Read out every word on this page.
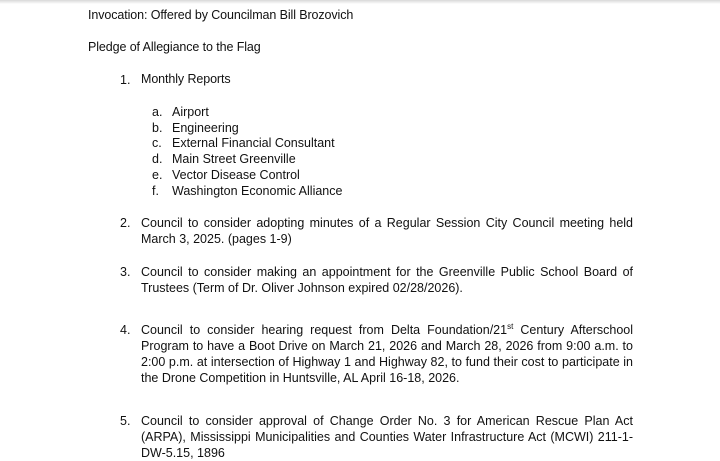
Invocation: Offered by Councilman Bill Brozovich
Pledge of Allegiance to the Flag
1. Monthly Reports
a. Airport
b. Engineering
c. External Financial Consultant
d. Main Street Greenville
e. Vector Disease Control
f. Washington Economic Alliance
2. Council to consider adopting minutes of a Regular Session City Council meeting held March 3, 2025. (pages 1-9)
3. Council to consider making an appointment for the Greenville Public School Board of Trustees (Term of Dr. Oliver Johnson expired 02/28/2026).
4. Council to consider hearing request from Delta Foundation/21st Century Afterschool Program to have a Boot Drive on March 21, 2026 and March 28, 2026 from 9:00 a.m. to 2:00 p.m. at intersection of Highway 1 and Highway 82, to fund their cost to participate in the Drone Competition in Huntsville, AL April 16-18, 2026.
5. Council to consider approval of Change Order No. 3 for American Rescue Plan Act (ARPA), Mississippi Municipalities and Counties Water Infrastructure Act (MCWI) 211-1-DW-5.15, 1896
